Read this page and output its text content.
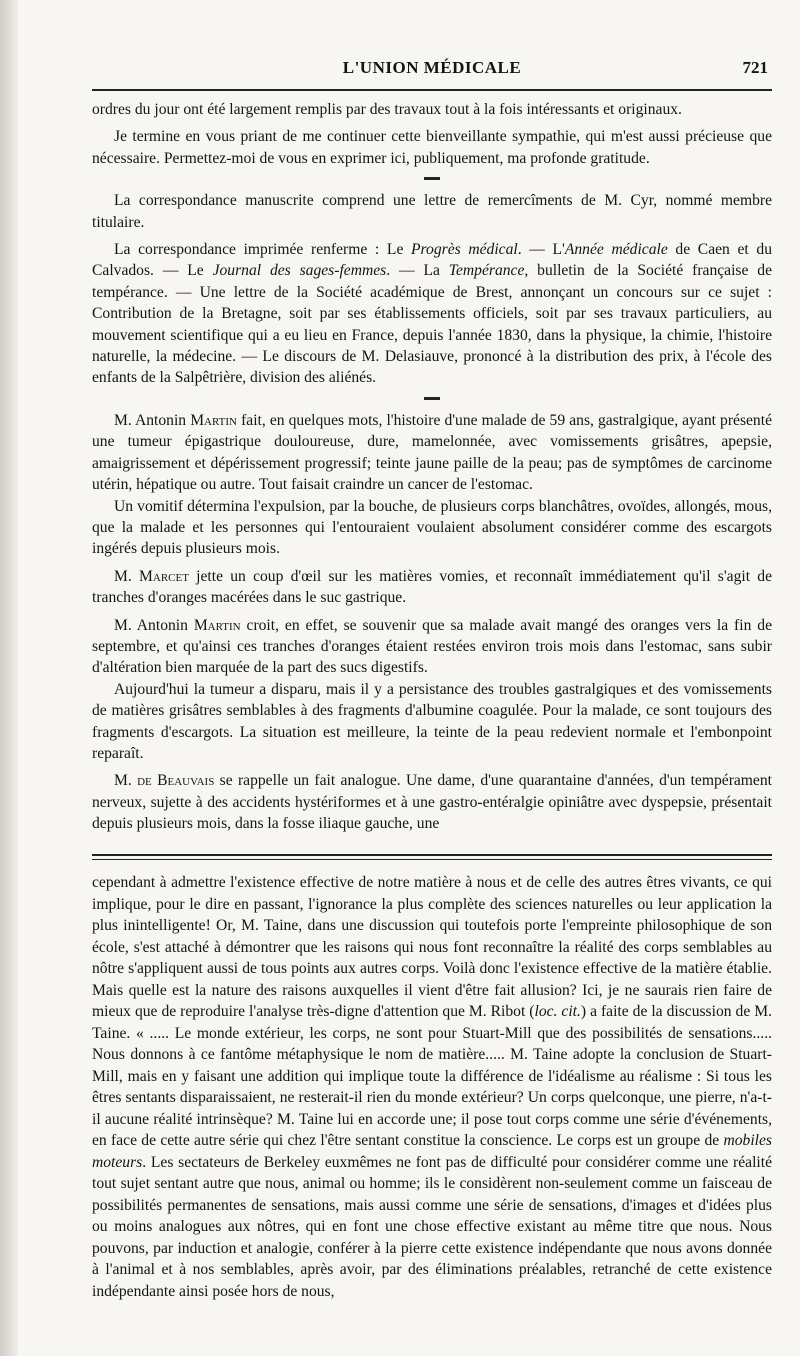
L'UNION MÉDICALE	721

ordres du jour ont été largement remplis par des travaux tout à la fois intéressants et originaux.

Je termine en vous priant de me continuer cette bienveillante sympathie, qui m'est aussi précieuse que nécessaire. Permettez-moi de vous en exprimer ici, publiquement, ma profonde gratitude.

La correspondance manuscrite comprend une lettre de remercîments de M. Cyr, nommé membre titulaire.

La correspondance imprimée renferme : Le Progrès médical. — L'Année médicale de Caen et du Calvados. — Le Journal des sages-femmes. — La Tempérance, bulletin de la Société française de tempérance. — Une lettre de la Société académique de Brest, annonçant un concours sur ce sujet : Contribution de la Bretagne, soit par ses établissements officiels, soit par ses travaux particuliers, au mouvement scientifique qui a eu lieu en France, depuis l'année 1830, dans la physique, la chimie, l'histoire naturelle, la médecine. — Le discours de M. Delasiauve, prononcé à la distribution des prix, à l'école des enfants de la Salpêtrière, division des aliénés.

M. Antonin Martin fait, en quelques mots, l'histoire d'une malade de 59 ans, gastralgique, ayant présenté une tumeur épigastrique douloureuse, dure, mamelonnée, avec vomissements grisâtres, apepsie, amaigrissement et dépérissement progressif; teinte jaune paille de la peau; pas de symptômes de carcinome utérin, hépatique ou autre. Tout faisait craindre un cancer de l'estomac.

Un vomitif détermina l'expulsion, par la bouche, de plusieurs corps blanchâtres, ovoïdes, allongés, mous, que la malade et les personnes qui l'entouraient voulaient absolument considérer comme des escargots ingérés depuis plusieurs mois.

M. Marcet jette un coup d'œil sur les matières vomies, et reconnaît immédiatement qu'il s'agit de tranches d'oranges macérées dans le suc gastrique.

M. Antonin Martin croit, en effet, se souvenir que sa malade avait mangé des oranges vers la fin de septembre, et qu'ainsi ces tranches d'oranges étaient restées environ trois mois dans l'estomac, sans subir d'altération bien marquée de la part des sucs digestifs.

Aujourd'hui la tumeur a disparu, mais il y a persistance des troubles gastralgiques et des vomissements de matières grisâtres semblables à des fragments d'albumine coagulée. Pour la malade, ce sont toujours des fragments d'escargots. La situation est meilleure, la teinte de la peau redevient normale et l'embonpoint reparaît.

M. de Beauvais se rappelle un fait analogue. Une dame, d'une quarantaine d'années, d'un tempérament nerveux, sujette à des accidents hystériformes et à une gastro-entéralgie opiniâtre avec dyspepsie, présentait depuis plusieurs mois, dans la fosse iliaque gauche, une

cependant à admettre l'existence effective de notre matière à nous et de celle des autres êtres vivants, ce qui implique, pour le dire en passant, l'ignorance la plus complète des sciences naturelles ou leur application la plus inintelligente! Or, M. Taine, dans une discussion qui toutefois porte l'empreinte philosophique de son école, s'est attaché à démontrer que les raisons qui nous font reconnaître la réalité des corps semblables au nôtre s'appliquent aussi de tous points aux autres corps. Voilà donc l'existence effective de la matière établie. Mais quelle est la nature des raisons auxquelles il vient d'être fait allusion? Ici, je ne saurais rien faire de mieux que de reproduire l'analyse très-digne d'attention que M. Ribot (loc. cit.) a faite de la discussion de M. Taine. « ..... Le monde extérieur, les corps, ne sont pour Stuart-Mill que des possibilités de sensations..... Nous donnons à ce fantôme métaphysique le nom de matière..... M. Taine adopte la conclusion de Stuart-Mill, mais en y faisant une addition qui implique toute la différence de l'idéalisme au réalisme : Si tous les êtres sentants disparaissaient, ne resterait-il rien du monde extérieur? Un corps quelconque, une pierre, n'a-t-il aucune réalité intrinsèque? M. Taine lui en accorde une; il pose tout corps comme une série d'événements, en face de cette autre série qui chez l'être sentant constitue la conscience. Le corps est un groupe de mobiles moteurs. Les sectateurs de Berkeley euxmêmes ne font pas de difficulté pour considérer comme une réalité tout sujet sentant autre que nous, animal ou homme; ils le considèrent non-seulement comme un faisceau de possibilités permanentes de sensations, mais aussi comme une série de sensations, d'images et d'idées plus ou moins analogues aux nôtres, qui en font une chose effective existant au même titre que nous. Nous pouvons, par induction et analogie, conférer à la pierre cette existence indépendante que nous avons donnée à l'animal et à nos semblables, après avoir, par des éliminations préalables, retranché de cette existence indépendante ainsi posée hors de nous,
